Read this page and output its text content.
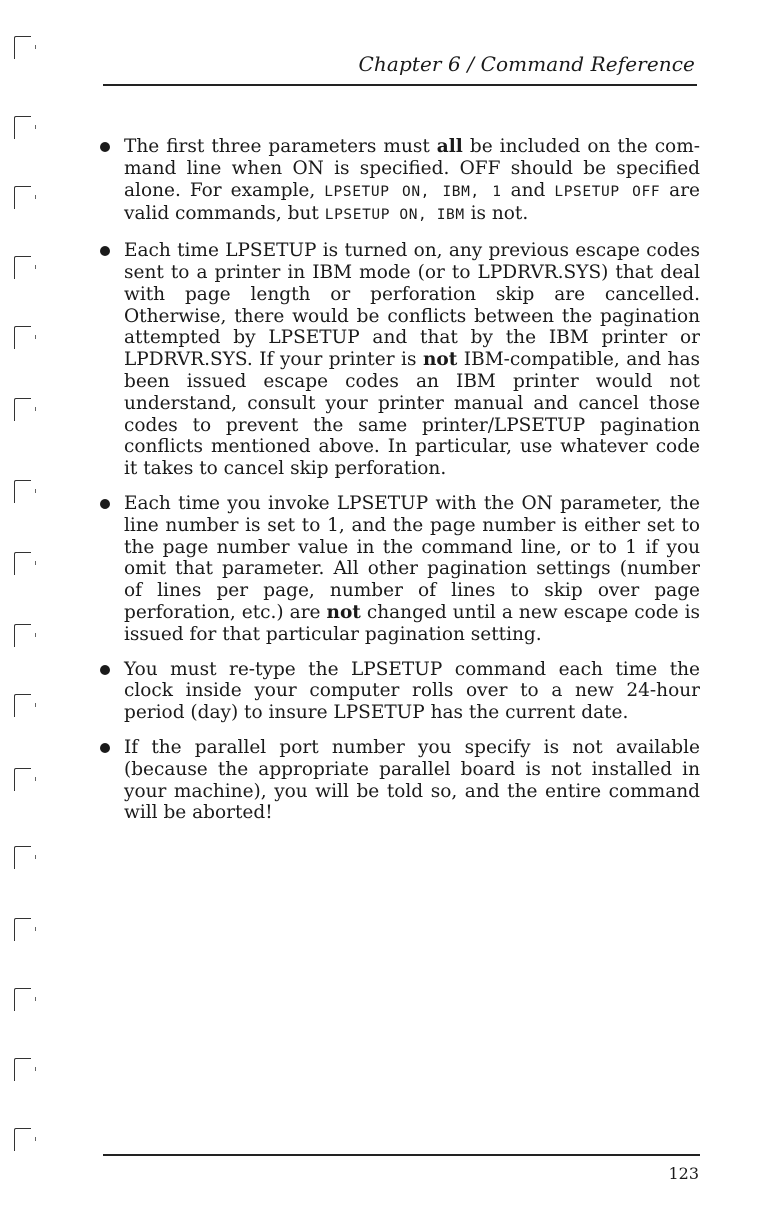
Chapter 6 / Command Reference
The first three parameters must all be included on the com- mand line when ON is specified. OFF should be specified alone. For example, LPSETUP ON, IBM, 1 and LPSETUP OFF are valid commands, but LPSETUP ON, IBM is not.
Each time LPSETUP is turned on, any previous escape codes sent to a printer in IBM mode (or to LPDRVR.SYS) that deal with page length or perforation skip are cancelled. Otherwise, there would be conflicts between the pagination attempted by LPSETUP and that by the IBM printer or LPDRVR.SYS. If your printer is not IBM-compatible, and has been issued escape codes an IBM printer would not understand, consult your printer manual and cancel those codes to prevent the same printer/LPSETUP pagination conflicts mentioned above. In particular, use whatever code it takes to cancel skip perforation.
Each time you invoke LPSETUP with the ON parameter, the line number is set to 1, and the page number is either set to the page number value in the command line, or to 1 if you omit that parameter. All other pagination settings (number of lines per page, number of lines to skip over page perforation, etc.) are not changed until a new escape code is issued for that particular pagination setting.
You must re-type the LPSETUP command each time the clock inside your computer rolls over to a new 24-hour period (day) to insure LPSETUP has the current date.
If the parallel port number you specify is not available (because the appropriate parallel board is not installed in your machine), you will be told so, and the entire command will be aborted!
123
